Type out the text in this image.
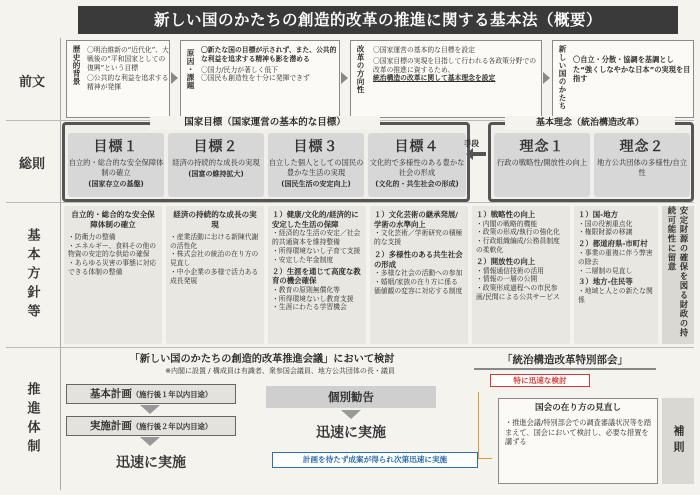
新しい国のかたちの創造的改革の推進に関する基本法（概要）
前文
総則
基本方針等
推進体制
歴史的背景 〇明治維新の“近代化”、大戦後の“平和国家としての復興”という目標
〇公共的な利益を追求する精神が発揮	原因・課題 〇新たな国の目標が示されず、また、公共的な利益を追求する精神も影を潜める
〇国力/民力が著しく低下
〇国民も創造性を十分に発揮できず	改革の方向性 〇国家運営の基本的な目標を設定
〇国家目標の実現を目指して行われる各政策分野での改革の推進に資するため、
統治構造の改革に関して基本理念を設定	新しい国のかたち 〇自立・分散・協調を基調とした“強くしなやかな日本”の実現を目指す
国家目標（国家運営の基本的な目標）
目標１
自立的・総合的な安全保障体制の確立
(国家存立の基盤)
目標２
経済の持続的な成長の実現
(国富の維持拡大)
目標３
自立した個人としての国民の豊かな生活の実現
(国民生活の安定向上)
目標４
文化的で多様性のある豊かな社会の形成
(文化的・共生社会の形成)
手段
基本理念（統治構造改革）
理念１
行政の戦略性/開放性の向上
理念２
地方公共団体の多様性/自立性
自立的・総合的な安全保障体制の確立
・防衛力の整備
・エネルギー、食料その他の物資の安定的な供給の確保
・あらゆる災害の事態に対応できる体制の整備
経済の持続的な成長の実現
・産業活動における新陳代謝の活性化
・株式会社の統治の在り方の見直し
・中小企業の多様で活力ある成長発展
１）健康/文化的/経済的に安定した生活の保障
・経済的な生活の安定／社会的共通資本を維持整備
・所得環境ないし子育て支援
・安定した年金制度
２）生涯を通じて高度な教育の機会確保
・教育の原則無償化等
・所得環境ないし教育支援
・生涯にわたる学習機会
１）文化芸術の継承発展/学術の水準向上
・文化芸術／学術研究の積極的な支援
２）多様性のある共生社会の形成
・多様な社会の活動への参加
・婚姻/家族の在り方に係る価値観の変容に対応する制度
１）戦略性の向上
・内閣の戦略的機能
・政策の形成/執行の強化化
・行政組織編成/公務員制度の柔軟化
２）開放性の向上
・情報通信技術の活用
・情報の一層の公開
・政策形成過程への市民参画/民間による公共サービス
１）国-地方
・国の役割重点化
・権限財源の移譲
２）都道府県-市町村
・事業の重複に伴う弊害の除去
・二層制の見直し
３）地方-住民等
・地域と人との新たな関係	安定財源の確保を図る財政の持続可能性に留意
「新しい国のかたちの創造的改革推進会議」において検討
※内閣に設置 / 構成員は有識者、衆参国会議員、地方公共団体の長・議員
基本計画（施行後１年以内目途）
実施計画（施行後２年以内目途）
迅速に実施
個別勧告
迅速に実施
計画を待たず成案が得られ次第迅速に実施
「統治構造改革特別部会」
特に迅速な検討
国会の在り方の見直し
・推進会議/特別部会での調査審議状況等を踏まえて、国会において検討し、必要な措置を講ずる	補則
